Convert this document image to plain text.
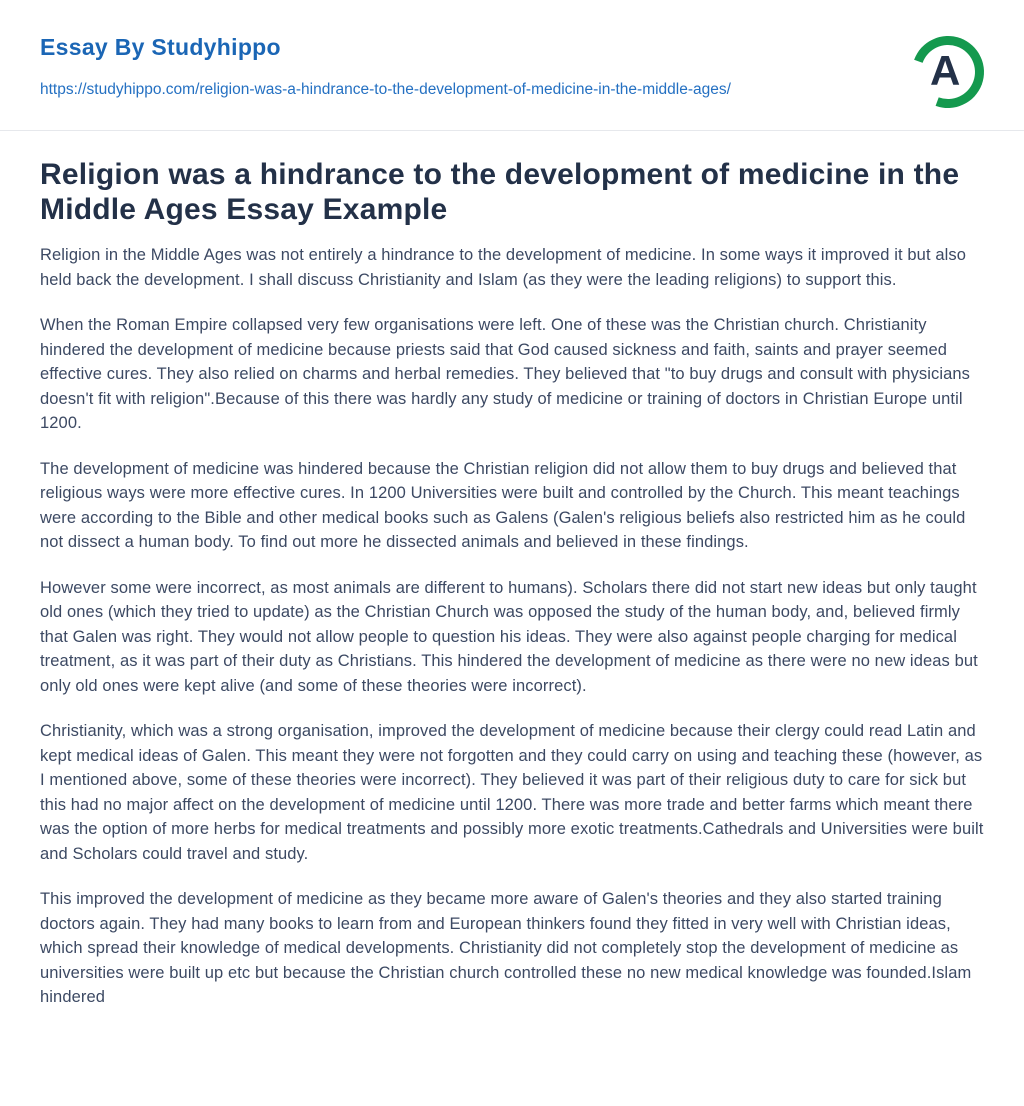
Essay By Studyhippo
https://studyhippo.com/religion-was-a-hindrance-to-the-development-of-medicine-in-the-middle-ages/	A
Religion was a hindrance to the development of medicine in the Middle Ages Essay Example

Religion in the Middle Ages was not entirely a hindrance to the development of medicine. In some ways it improved it but also held back the development. I shall discuss Christianity and Islam (as they were the leading religions) to support this.

When the Roman Empire collapsed very few organisations were left. One of these was the Christian church. Christianity hindered the development of medicine because priests said that God caused sickness and faith, saints and prayer seemed effective cures. They also relied on charms and herbal remedies. They believed that "to buy drugs and consult with physicians doesn't fit with religion".Because of this there was hardly any study of medicine or training of doctors in Christian Europe until 1200.

The development of medicine was hindered because the Christian religion did not allow them to buy drugs and believed that religious ways were more effective cures. In 1200 Universities were built and controlled by the Church. This meant teachings were according to the Bible and other medical books such as Galens (Galen's religious beliefs also restricted him as he could not dissect a human body. To find out more he dissected animals and believed in these findings.

However some were incorrect, as most animals are different to humans). Scholars there did not start new ideas but only taught old ones (which they tried to update) as the Christian Church was opposed the study of the human body, and, believed firmly that Galen was right. They would not allow people to question his ideas. They were also against people charging for medical treatment, as it was part of their duty as Christians. This hindered the development of medicine as there were no new ideas but only old ones were kept alive (and some of these theories were incorrect).

Christianity, which was a strong organisation, improved the development of medicine because their clergy could read Latin and kept medical ideas of Galen. This meant they were not forgotten and they could carry on using and teaching these (however, as I mentioned above, some of these theories were incorrect). They believed it was part of their religious duty to care for sick but this had no major affect on the development of medicine until 1200. There was more trade and better farms which meant there was the option of more herbs for medical treatments and possibly more exotic treatments.Cathedrals and Universities were built and Scholars could travel and study.

This improved the development of medicine as they became more aware of Galen's theories and they also started training doctors again. They had many books to learn from and European thinkers found they fitted in very well with Christian ideas, which spread their knowledge of medical developments. Christianity did not completely stop the development of medicine as universities were built up etc but because the Christian church controlled these no new medical knowledge was founded.Islam hindered
